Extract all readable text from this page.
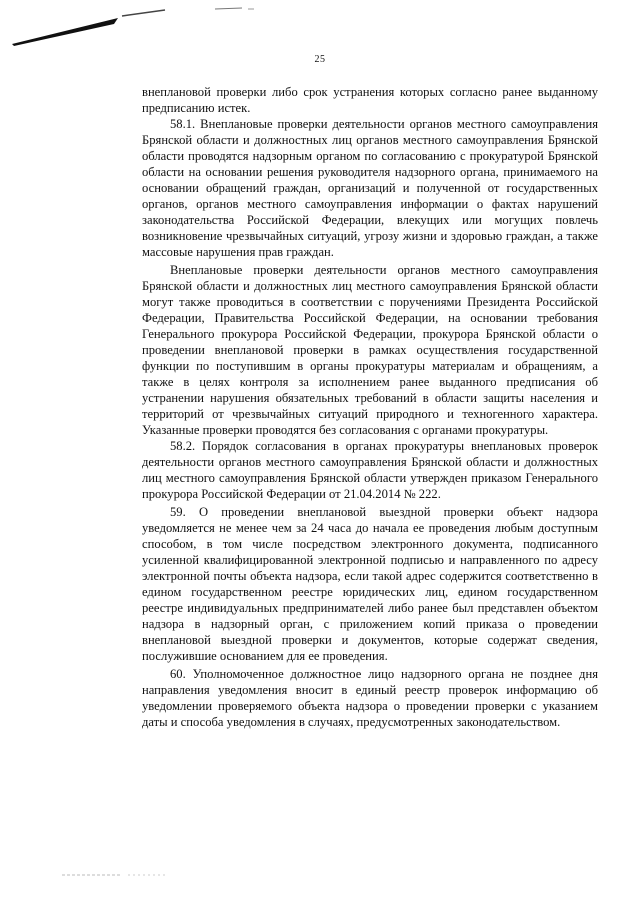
25

внеплановой проверки либо срок устранения которых согласно ранее выданному предписанию истек.

58.1. Внеплановые проверки деятельности органов местного самоуправления Брянской области и должностных лиц органов местного самоуправления Брянской области проводятся надзорным органом по согласованию с прокуратурой Брянской области на основании решения руководителя надзорного органа, принимаемого на основании обращений граждан, организаций и полученной от государственных органов, органов местного самоуправления информации о фактах нарушений законодательства Российской Федерации, влекущих или могущих повлечь возникновение чрезвычайных ситуаций, угрозу жизни и здоровью граждан, а также массовые нарушения прав граждан.

Внеплановые проверки деятельности органов местного самоуправления Брянской области и должностных лиц местного самоуправления Брянской области могут также проводиться в соответствии с поручениями Президента Российской Федерации, Правительства Российской Федерации, на основании требования Генерального прокурора Российской Федерации, прокурора Брянской области о проведении внеплановой проверки в рамках осуществления государственной функции по поступившим в органы прокуратуры материалам и обращениям, а также в целях контроля за исполнением ранее выданного предписания об устранении нарушения обязательных требований в области защиты населения и территорий от чрезвычайных ситуаций природного и техногенного характера. Указанные проверки проводятся без согласования с органами прокуратуры.

58.2. Порядок согласования в органах прокуратуры внеплановых проверок деятельности органов местного самоуправления Брянской области и должностных лиц местного самоуправления Брянской области утвержден приказом Генерального прокурора Российской Федерации от 21.04.2014 № 222.

59. О проведении внеплановой выездной проверки объект надзора уведомляется не менее чем за 24 часа до начала ее проведения любым доступным способом, в том числе посредством электронного документа, подписанного усиленной квалифицированной электронной подписью и направленного по адресу электронной почты объекта надзора, если такой адрес содержится соответственно в едином государственном реестре юридических лиц, едином государственном реестре индивидуальных предпринимателей либо ранее был представлен объектом надзора в надзорный орган, с приложением копий приказа о проведении внеплановой выездной проверки и документов, которые содержат сведения, послужившие основанием для ее проведения.

60. Уполномоченное должностное лицо надзорного органа не позднее дня направления уведомления вносит в единый реестр проверок информацию об уведомлении проверяемого объекта надзора о проведении проверки с указанием даты и способа уведомления в случаях, предусмотренных законодательством.
